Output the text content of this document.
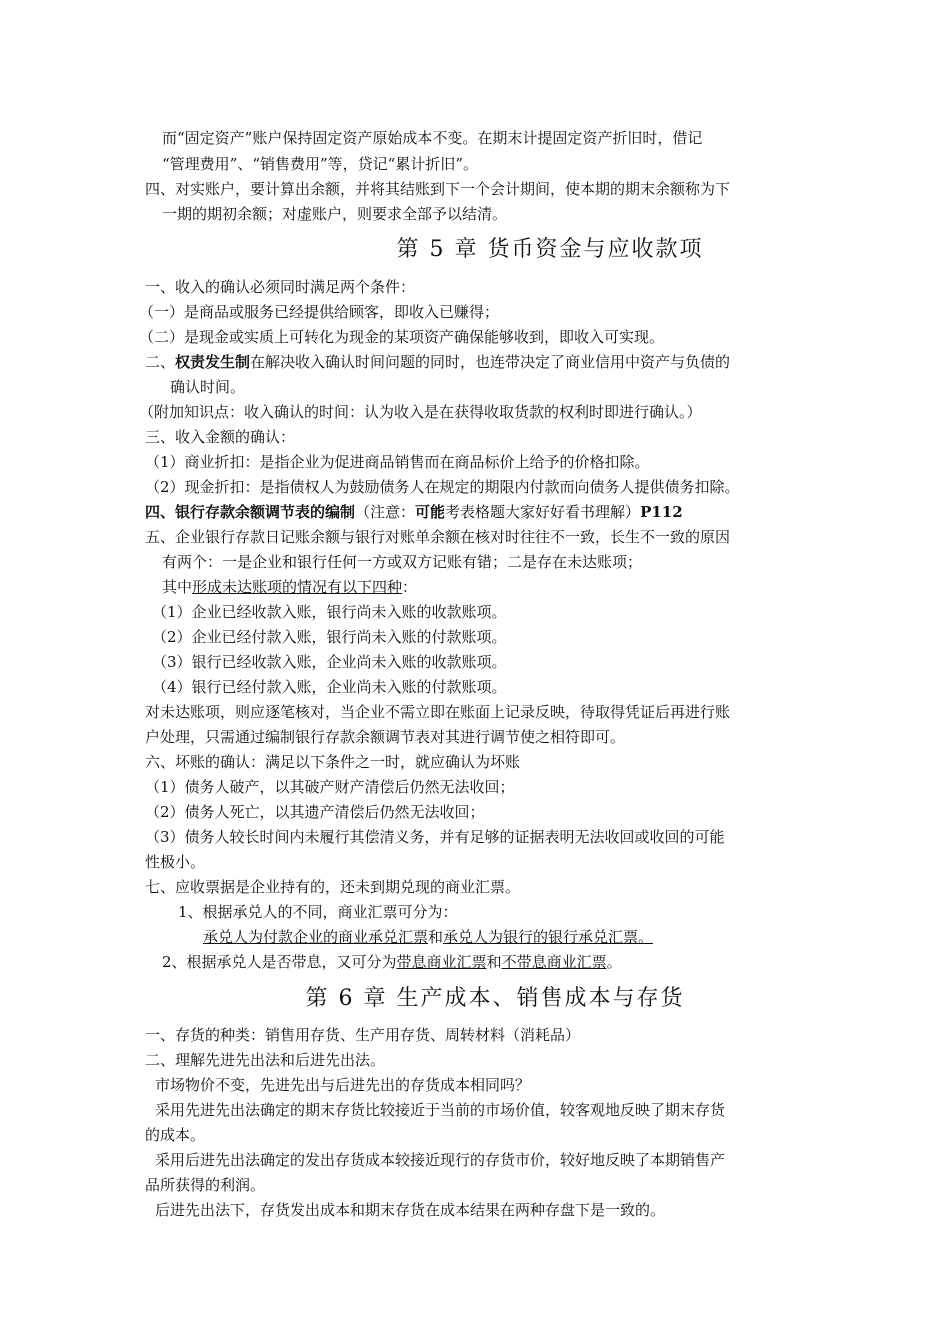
而“固定资产”账户保持固定资产原始成本不变。在期末计提固定资产折旧时，借记
“管理费用”、“销售费用”等，贷记“累计折旧”。
四、对实账户，要计算出余额，并将其结账到下一个会计期间，使本期的期末余额称为下
一期的期初余额；对虚账户，则要求全部予以结清。
第 5 章 货币资金与应收款项
一、收入的确认必须同时满足两个条件：
（一）是商品或服务已经提供给顾客，即收入已赚得；
（二）是现金或实质上可转化为现金的某项资产确保能够收到，即收入可实现。
二、权责发生制在解决收入确认时间问题的同时，也连带决定了商业信用中资产与负债的
确认时间。
（附加知识点：收入确认的时间：认为收入是在获得收取货款的权利时即进行确认。）
三、收入金额的确认：
（1）商业折扣：是指企业为促进商品销售而在商品标价上给予的价格扣除。
（2）现金折扣：是指债权人为鼓励债务人在规定的期限内付款而向债务人提供债务扣除。
四、银行存款余额调节表的编制（注意：可能考表格题大家好好看书理解）P112
五、企业银行存款日记账余额与银行对账单余额在核对时往往不一致，长生不一致的原因
有两个：一是企业和银行任何一方或双方记账有错；二是存在未达账项；
其中形成未达账项的情况有以下四种：
（1）企业已经收款入账，银行尚未入账的收款账项。
（2）企业已经付款入账，银行尚未入账的付款账项。
（3）银行已经收款入账，企业尚未入账的收款账项。
（4）银行已经付款入账，企业尚未入账的付款账项。
对未达账项，则应逐笔核对，当企业不需立即在账面上记录反映，待取得凭证后再进行账
户处理，只需通过编制银行存款余额调节表对其进行调节使之相符即可。
六、坏账的确认：满足以下条件之一时，就应确认为坏账
（1）债务人破产，以其破产财产清偿后仍然无法收回；
（2）债务人死亡，以其遗产清偿后仍然无法收回；
（3）债务人较长时间内未履行其偿清义务，并有足够的证据表明无法收回或收回的可能
性极小。
七、应收票据是企业持有的，还未到期兑现的商业汇票。
1、根据承兑人的不同，商业汇票可分为：
承兑人为付款企业的商业承兑汇票和承兑人为银行的银行承兑汇票。
2、根据承兑人是否带息，又可分为带息商业汇票和不带息商业汇票。
第 6 章 生产成本、销售成本与存货
一、存货的种类：销售用存货、生产用存货、周转材料（消耗品）
二、理解先进先出法和后进先出法。
市场物价不变，先进先出与后进先出的存货成本相同吗？
采用先进先出法确定的期末存货比较接近于当前的市场价值，较客观地反映了期末存货
的成本。
采用后进先出法确定的发出存货成本较接近现行的存货市价，较好地反映了本期销售产
品所获得的利润。
后进先出法下，存货发出成本和期末存货在成本结果在两种存盘下是一致的。
